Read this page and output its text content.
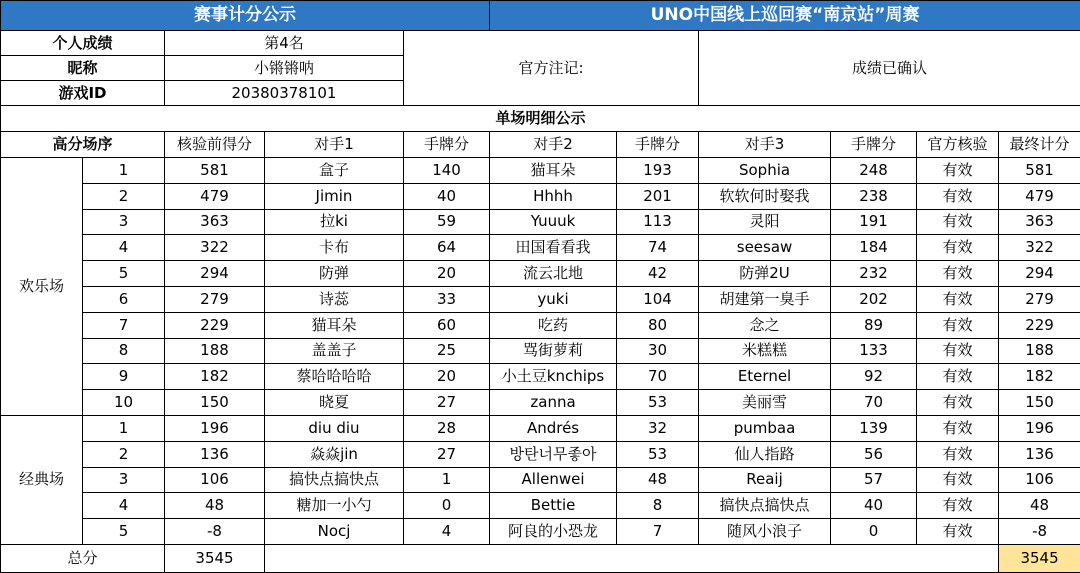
赛事计分公示					UNO中国线上巡回赛“南京站”周赛					
个人成绩		第4名		官方注记:			成绩已确认			
昵称		小锵锵呐								
游戏ID		20380378101								
单场明细公示										
高分场序		核验前得分	对手1	手牌分	对手2	手牌分	对手3	手牌分	官方核验	最终计分
欢乐场	1	581	盒子	140	猫耳朵	193	Sophia	248	有效	581
	2	479	Jimin	40	Hhhh	201	软软何时娶我	238	有效	479
	3	363	拉ki	59	Yuuuk	113	灵阳	191	有效	363
	4	322	卡布	64	田国看看我	74	seesaw	184	有效	322
	5	294	防弹	20	流云北地	42	防弹2U	232	有效	294
	6	279	诗蕊	33	yuki	104	胡建第一臭手	202	有效	279
	7	229	猫耳朵	60	吃药	80	念之	89	有效	229
	8	188	盖盖子	25	骂街萝莉	30	米糕糕	133	有效	188
	9	182	蔡哈哈哈哈	20	小土豆knchips	70	Eternel	92	有效	182
	10	150	晓夏	27	zanna	53	美丽雪	70	有效	150
经典场	1	196	diu diu	28	Andrés	32	pumbaa	139	有效	196
	2	136	焱焱jin	27	방탄너무좋아	53	仙人指路	56	有效	136
	3	106	搞快点搞快点	1	Allenwei	48	Reaij	57	有效	106
	4	48	糖加一小勺	0	Bettie	8	搞快点搞快点	40	有效	48
	5	-8	Nocj	4	阿良的小恐龙	7	随风小浪子	0	有效	-8
总分		3545								3545
